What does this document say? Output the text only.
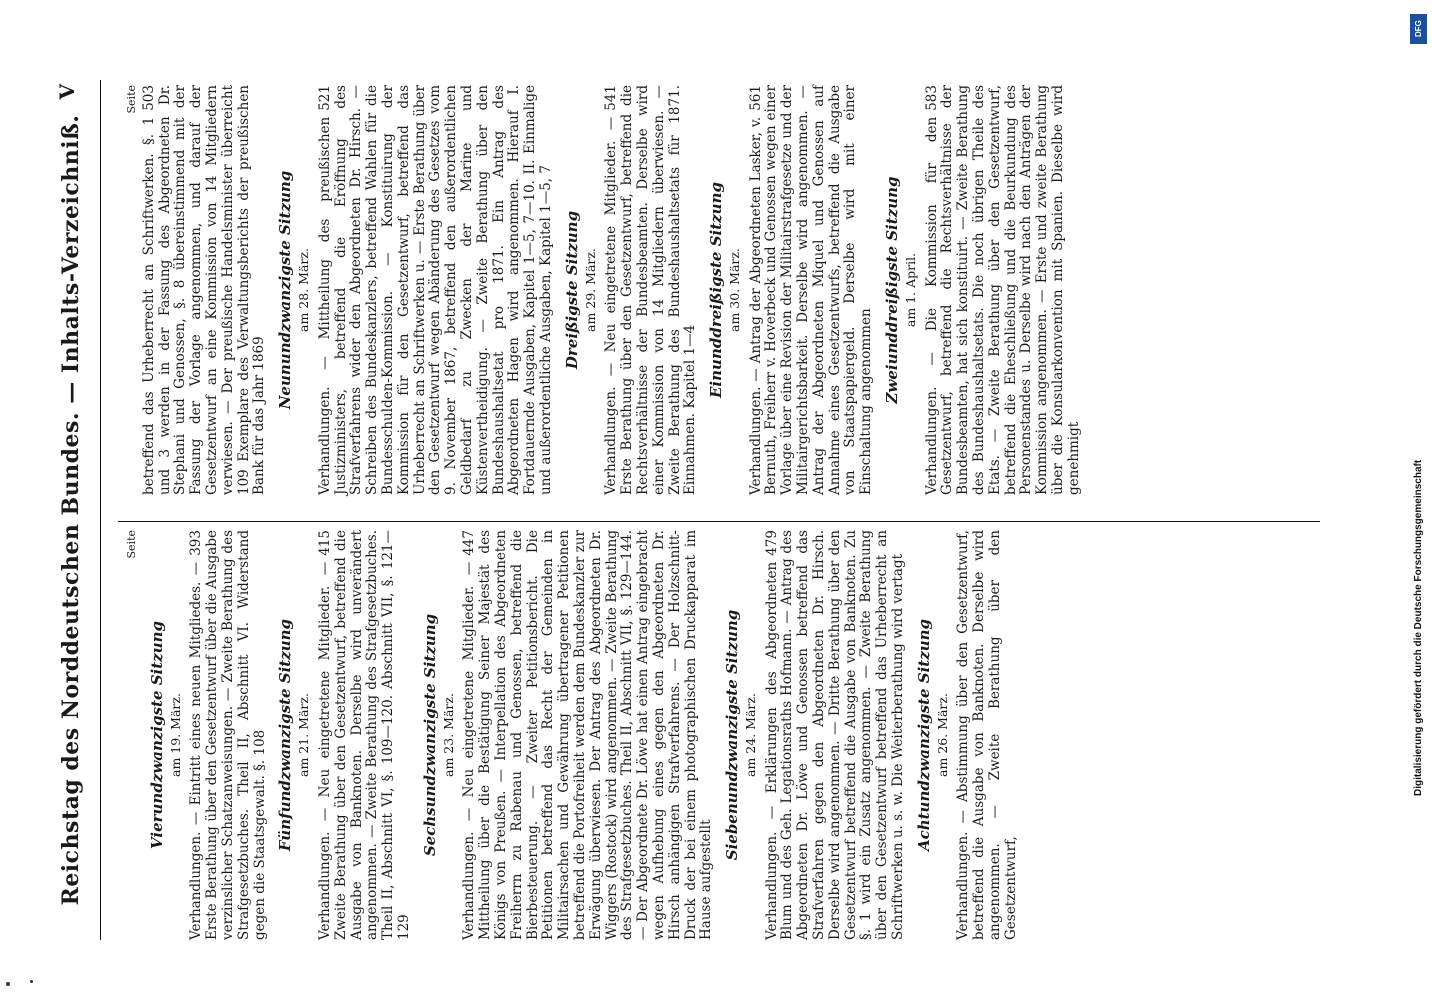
Reichstag des Norddeutschen Bundes. — Inhalts-Verzeichniß.
V
Seite
Vierundzwanzigste Sitzung am 19. März.

393
Verhandlungen. — Eintritt eines neuen Mitgliedes. — Erste Berathung über den Gesetzentwurf über die Ausgabe verzinslicher Schatzanweisungen. — Zweite Berathung des Strafgesetzbuches. Theil II, Abschnitt VI. Widerstand gegen die Staatsgewalt. §. 108 Fünfundzwanzigste Sitzung am 21. März.

415
Verhandlungen. — Neu eingetretene Mitglieder. — Zweite Berathung über den Gesetzentwurf, betreffend die Ausgabe von Banknoten. Derselbe wird unverändert angenommen. — Zweite Berathung des Strafgesetzbuches. Theil II, Abschnitt VI, §. 109—120. Abschnitt VII, §. 121—129

Sechsundzwanzigste Sitzung am 23. März.

447
Verhandlungen. — Neu eingetretene Mitglieder. — Mittheilung über die Bestätigung Seiner Majestät des Königs von Preußen. — Interpellation des Abgeordneten Freiherrn zu Rabenau und Genossen, betreffend die Bierbesteuerung. — Zweiter Petitionsbericht. Die Petitionen betreffend das Recht der Gemeinden in Militairsachen und Gewährung übertragener Petitionen betreffend die Portofreiheit werden dem Bundeskanzler zur Erwägung überwiesen. Der Antrag des Abgeordneten Dr. Wiggers (Rostock) wird angenommen. — Zweite Berathung des Strafgesetzbuches. Theil II, Abschnitt VII, §. 129—144. — Der Abgeordnete Dr. Löwe hat einen Antrag eingebracht wegen Aufhebung eines gegen den Abgeordneten Dr. Hirsch anhängigen Strafverfahrens. — Der Holzschnitt-Druck der bei einem photographischen Druckapparat im Hause aufgestellt

Siebenundzwanzigste Sitzung am 24. März.

479
Verhandlungen. — Erklärungen des Abgeordneten Blum und des Geh. Legationsraths Hofmann. — Antrag des Abgeordneten Dr. Löwe und Genossen betreffend das Strafverfahren gegen den Abgeordneten Dr. Hirsch. Derselbe wird angenommen. — Dritte Berathung über den Gesetzentwurf betreffend die Ausgabe von Banknoten. Zu §. 1 wird ein Zusatz angenommen. — Zweite Berathung über den Gesetzentwurf betreffend das Urheberrecht an Schriftwerken u. s. w. Die Weiterberathung wird vertagt Achtundzwanzigste Sitzung am 26. März. Verhandlungen. — Abstimmung über den Gesetzentwurf, betreffend die Ausgabe von Banknoten. Derselbe wird angenommen. — Zweite Berathung über den Gesetzentwurf,

Seite 503
betreffend das Urheberrecht an Schriftwerken. §. 1 und 3 werden in der Fassung des Abgeordneten Dr. Stephani und Genossen, §. 8 übereinstimmend mit der Fassung der Vorlage angenommen, und darauf der Gesetzentwurf an eine Kommission von 14 Mitgliedern verwiesen. — Der preußische Handelsminister überreicht 109 Exemplare des Verwaltungsberichts der preußischen Bank für das Jahr 1869

Neunundzwanzigste Sitzung am 28. März.

521
Verhandlungen. — Mittheilung des preußischen Justizministers, betreffend die Eröffnung des Strafverfahrens wider den Abgeordneten Dr. Hirsch. — Schreiben des Bundeskanzlers, betreffend Wahlen für die Bundesschulden-Kommission. — Konstituirung der Kommission für den Gesetzentwurf, betreffend das Urheberrecht an Schriftwerken u. — Erste Berathung über den Gesetzentwurf wegen Abänderung des Gesetzes vom 9. November 1867, betreffend den außerordentlichen Geldbedarf zu Zwecken der Marine und Küstenvertheidigung. — Zweite Berathung über den Bundeshaushaltsetat pro 1871. Ein Antrag des Abgeordneten Hagen wird angenommen. Hierauf I. Fortdauernde Ausgaben, Kapitel 1—5, 7—10. II. Einmalige und außerordentliche Ausgaben, Kapitel 1—5, 7 Dreißigste Sitzung am 29. März.

541
Verhandlungen. — Neu eingetretene Mitglieder. — Erste Berathung über den Gesetzentwurf, betreffend die Rechtsverhältnisse der Bundesbeamten. Derselbe wird einer Kommission von 14 Mitgliedern überwiesen. — Zweite Berathung des Bundeshaushaltsetats für 1871. Einnahmen. Kapitel 1—4

Einunddreißigste Sitzung am 30. März.

561
Verhandlungen. — Antrag der Abgeordneten Lasker, v. Bernuth, Freiherr v. Hoverbeck und Genossen wegen einer Vorlage über eine Revision der Militairstrafgesetze und der Militairgerichtsbarkeit. Derselbe wird angenommen. — Antrag der Abgeordneten Miquel und Genossen auf Annahme eines Gesetzentwurfs, betreffend die Ausgabe von Staatspapiergeld. Derselbe wird mit einer Einschaltung angenommen Zweiunddreißigste Sitzung am 1. April.

583
Verhandlungen. — Die Kommission für den Gesetzentwurf, betreffend die Rechtsverhältnisse der Bundesbeamten, hat sich konstituirt. — Zweite Berathung des Bundeshaushaltsetats. Die noch übrigen Theile des Etats. — Zweite Berathung über den Gesetzentwurf, betreffend die Eheschließung und die Beurkundung des Personenstandes u. Derselbe wird nach den Anträgen der Kommission angenommen. — Erste und zweite Berathung über die Konsularkonvention mit Spanien. Dieselbe wird genehmigt

Digitalisierung gefördert durch die Deutsche Forschungsgemeinschaft
DFG
